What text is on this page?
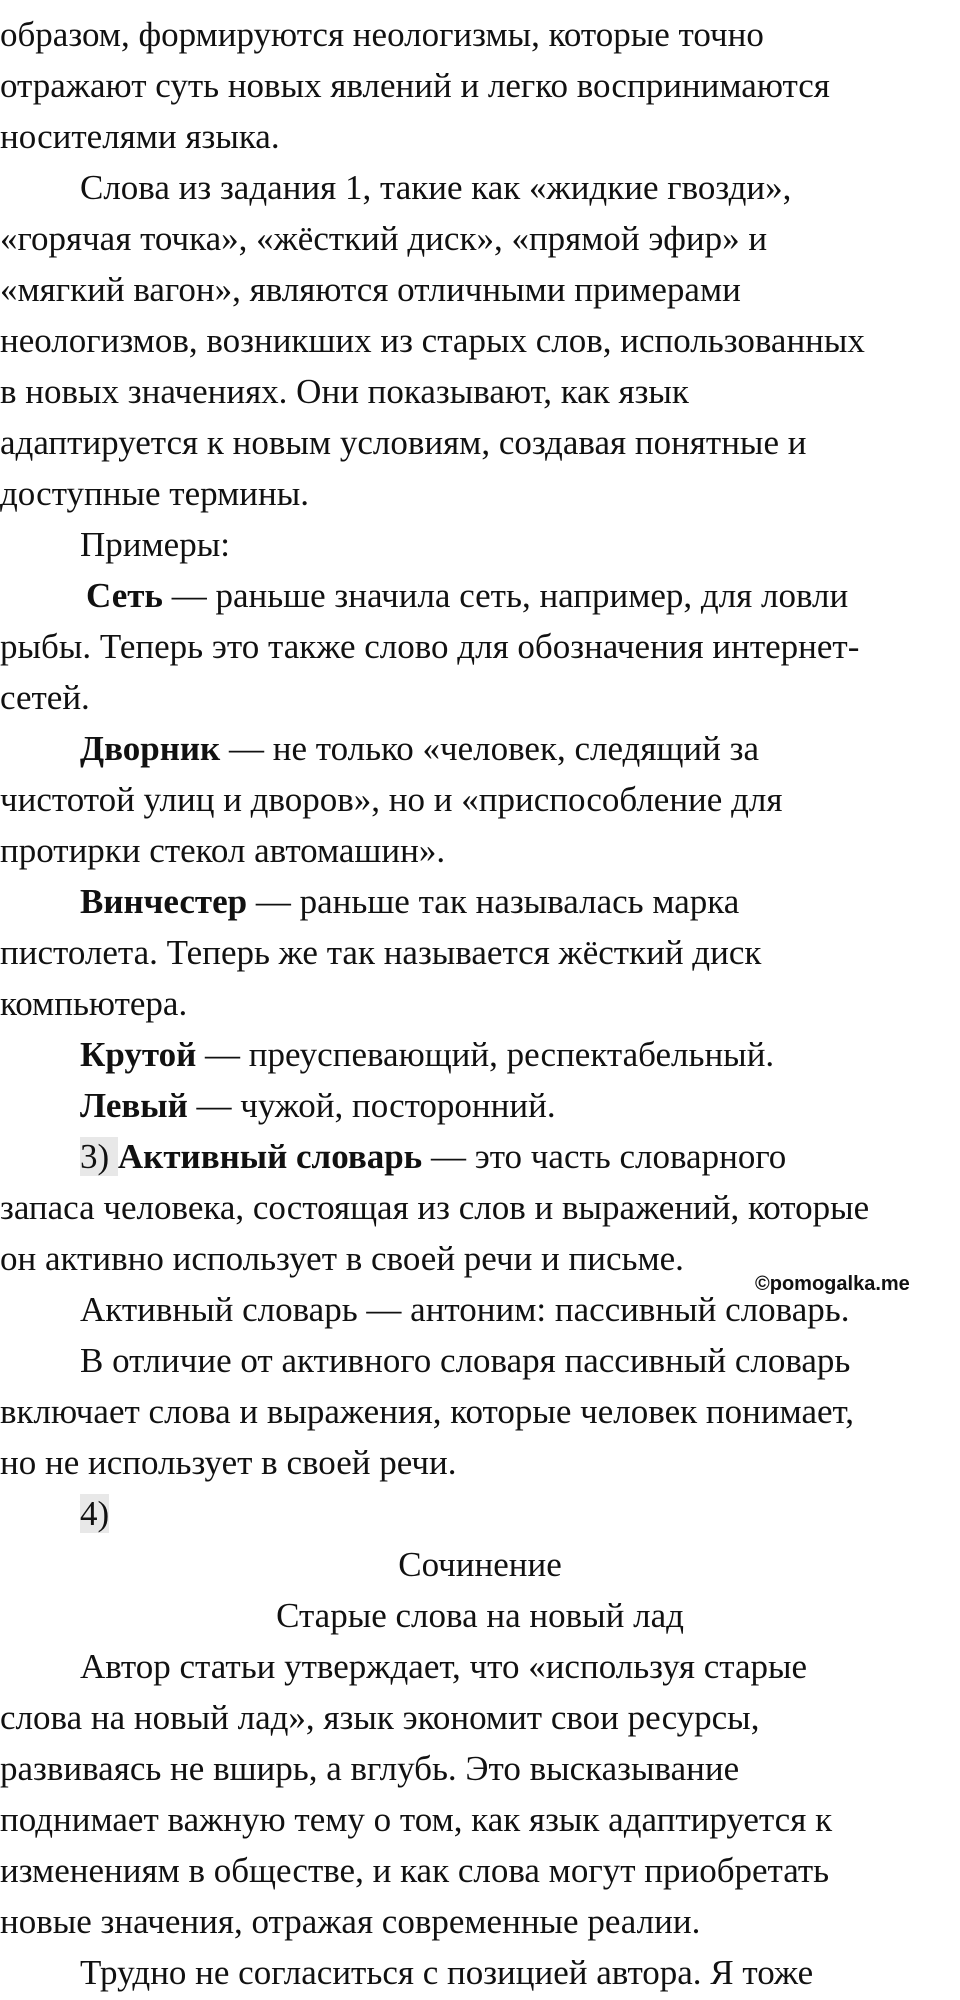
образом, формируются неологизмы, которые точно
отражают суть новых явлений и легко воспринимаются
носителями языка.
Слова из задания 1, такие как «жидкие гвозди»,
«горячая точка», «жёсткий диск», «прямой эфир» и
«мягкий вагон», являются отличными примерами
неологизмов, возникших из старых слов, использованных
в новых значениях. Они показывают, как язык
адаптируется к новым условиям, создавая понятные и
доступные термины.
Примеры:
Сеть — раньше значила сеть, например, для ловли
рыбы. Теперь это также слово для обозначения интернет-
сетей.
Дворник — не только «человек, следящий за
чистотой улиц и дворов», но и «приспособление для
протирки стекол автомашин».
Винчестер — раньше так называлась марка
пистолета. Теперь же так называется жёсткий диск
компьютера.
Крутой — преуспевающий, респектабельный.
Левый — чужой, посторонний.
3) Активный словарь — это часть словарного
запаса человека, состоящая из слов и выражений, которые
он активно использует в своей речи и письме.
Активный словарь — антоним: пассивный словарь.
В отличие от активного словаря пассивный словарь
включает слова и выражения, которые человек понимает,
но не использует в своей речи.
4)
Сочинение
Старые слова на новый лад
Автор статьи утверждает, что «используя старые
слова на новый лад», язык экономит свои ресурсы,
развиваясь не вширь, а вглубь. Это высказывание
поднимает важную тему о том, как язык адаптируется к
изменениям в обществе, и как слова могут приобретать
новые значения, отражая современные реалии.
Трудно не согласиться с позицией автора. Я тоже
©pomogalka.me
